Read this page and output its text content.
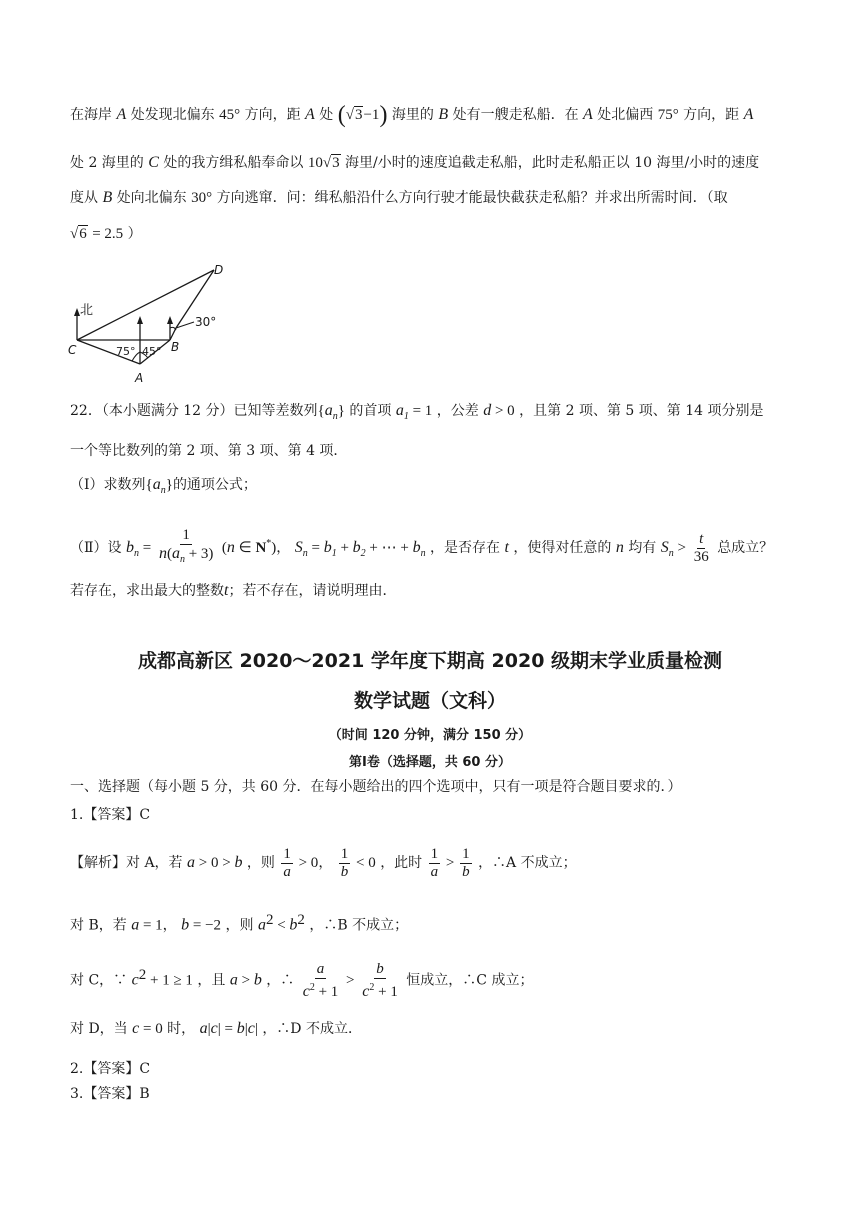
在海岸 A 处发现北偏东 45° 方向，距 A 处 (√3−1) 海里的 B 处有一艘走私船．在 A 处北偏西 75° 方向，距 A
处 2 海里的 C 处的我方缉私船奉命以 10√3 海里/小时的速度追截走私船，此时走私船正以 10 海里/小时的速度
度从 B 处向北偏东 30° 方向逃窜．问：缉私船沿什么方向行驶才能最快截获走私船？并求出所需时间．（取
√6 = 2.5 ）
北
30°
75° 45°
D
C	B
A
22．（本小题满分 12 分）已知等差数列$\{a_n\}$ 的首项 $a_1 = 1$ ，公差 d > 0 ，且第 2 项、第 5 项、第 14 项分别是
一个等比数列的第 2 项、第 3 项、第 4 项．
（Ⅰ）求数列$\{a_n\}$的通项公式；
（Ⅱ）设 $b_n = \frac{1}{n(a_n + 3)} (n$ ∈ N*)， $S_n = b_1 + b_2$ + ⋯ + $b_n$ ，是否存在 t ，使得对任意的 n 均有 $S_n > \frac{t}{36}$ 总成立？
若存在，求出最大的整数t；若不存在，请说明理由．
成都高新区 2020～2021 学年度下期高 2020 级期末学业质量检测
数学试题（文科）
（时间 120 分钟，满分 150 分）
第Ⅰ卷（选择题，共 60 分）
一、选择题（每小题 5 分，共 60 分．在每小题给出的四个选项中，只有一项是符合题目要求的．）
1.【答案】C
【解析】对 A，若 a > 0 > b ，则 $\frac{1}{a} > 0$， $\frac{1}{b} < 0$ ，此时 $\frac{1}{a} > \frac{1}{b}$ ，∴A 不成立；
对 B，若 a = 1， b = −2 ，则 $a^2 < b^2$ ，∴B 不成立；
对 C，∵ $c^2 + 1 \ge 1$ ，且 a > b ，∴ $\frac{a}{c^2 + 1} > \frac{b}{c^2 + 1}$ 恒成立，∴C 成立；
对 D，当 c = 0 时， a|c| = b|c| ，∴D 不成立．
2.【答案】C
3.【答案】B
